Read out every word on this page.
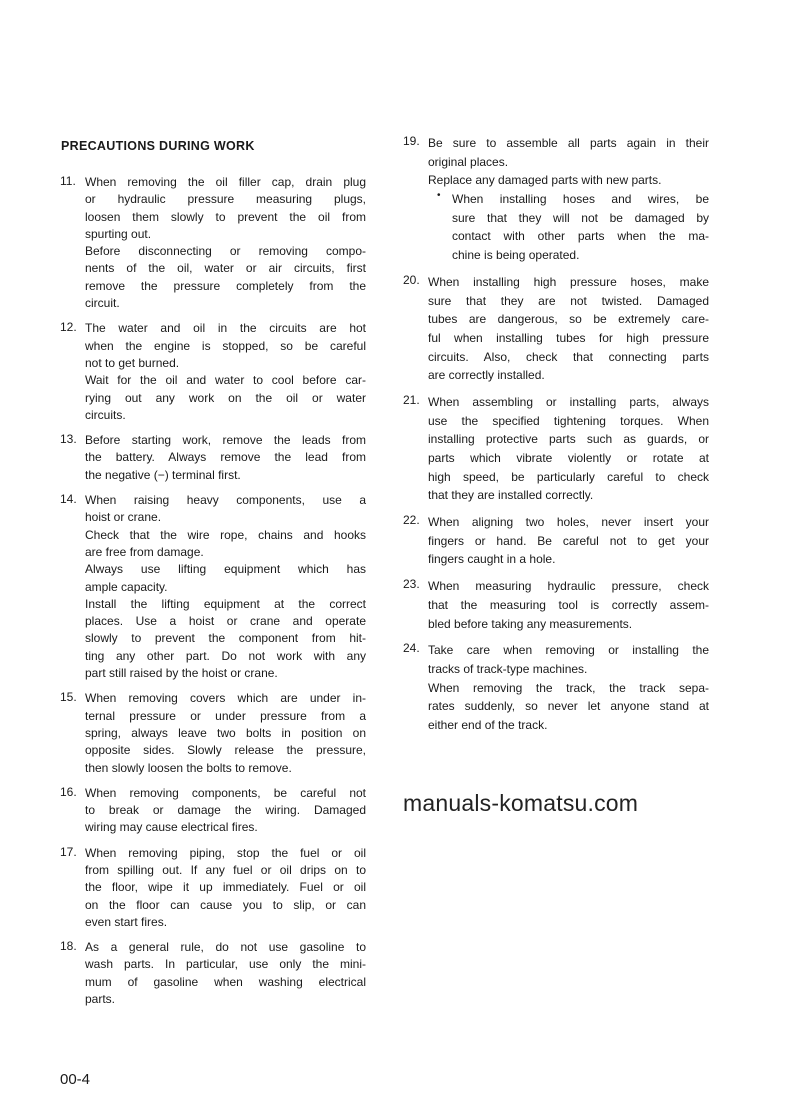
PRECAUTIONS DURING WORK
11. When removing the oil filler cap, drain plug
or hydraulic pressure measuring plugs,
loosen them slowly to prevent the oil from
spurting out.
Before disconnecting or removing compo-
nents of the oil, water or air circuits, first
remove the pressure completely from the
circuit.
12. The water and oil in the circuits are hot
when the engine is stopped, so be careful
not to get burned.
Wait for the oil and water to cool before car-
rying out any work on the oil or water
circuits.
13. Before starting work, remove the leads from
the battery. Always remove the lead from
the negative (−) terminal first.
14. When raising heavy components, use a
hoist or crane.
Check that the wire rope, chains and hooks
are free from damage.
Always use lifting equipment which has
ample capacity.
Install the lifting equipment at the correct
places. Use a hoist or crane and operate
slowly to prevent the component from hit-
ting any other part. Do not work with any
part still raised by the hoist or crane.
15. When removing covers which are under in-
ternal pressure or under pressure from a
spring, always leave two bolts in position on
opposite sides. Slowly release the pressure,
then slowly loosen the bolts to remove.
16. When removing components, be careful not
to break or damage the wiring. Damaged
wiring may cause electrical fires.
17. When removing piping, stop the fuel or oil
from spilling out. If any fuel or oil drips on to
the floor, wipe it up immediately. Fuel or oil
on the floor can cause you to slip, or can
even start fires.
18. As a general rule, do not use gasoline to
wash parts. In particular, use only the mini-
mum of gasoline when washing electrical
parts.
19. Be sure to assemble all parts again in their
original places.
Replace any damaged parts with new parts.
• When installing hoses and wires, be
sure that they will not be damaged by
contact with other parts when the ma-
chine is being operated.
20. When installing high pressure hoses, make
sure that they are not twisted. Damaged
tubes are dangerous, so be extremely care-
ful when installing tubes for high pressure
circuits. Also, check that connecting parts
are correctly installed.
21. When assembling or installing parts, always
use the specified tightening torques. When
installing protective parts such as guards, or
parts which vibrate violently or rotate at
high speed, be particularly careful to check
that they are installed correctly.
22. When aligning two holes, never insert your
fingers or hand. Be careful not to get your
fingers caught in a hole.
23. When measuring hydraulic pressure, check
that the measuring tool is correctly assem-
bled before taking any measurements.
24. Take care when removing or installing the
tracks of track-type machines.
When removing the track, the track sepa-
rates suddenly, so never let anyone stand at
either end of the track.
manuals-komatsu.com
00-4
